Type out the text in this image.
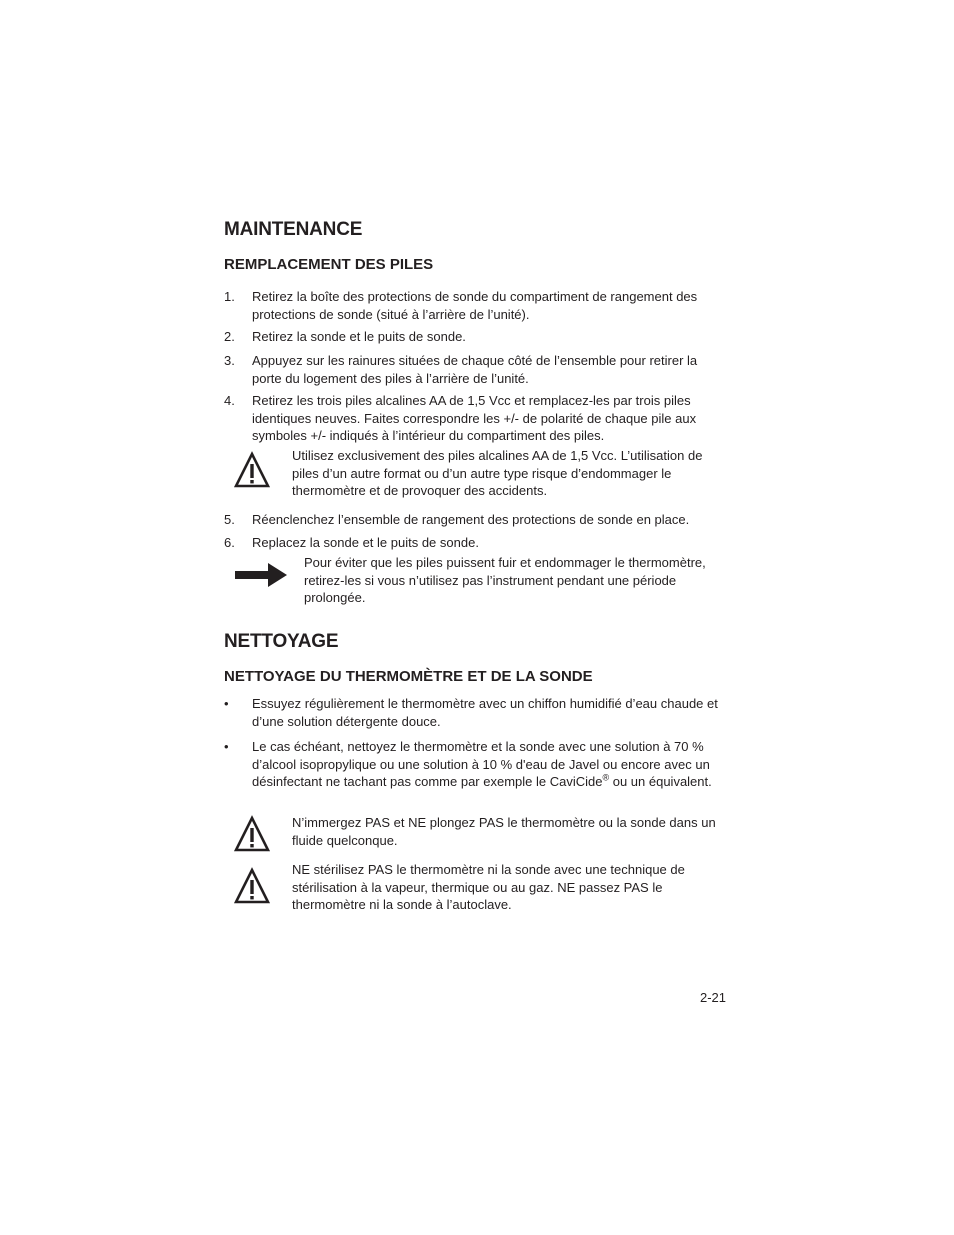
MAINTENANCE
REMPLACEMENT DES PILES
1. Retirez la boîte des protections de sonde du compartiment de rangement des protections de sonde (situé à l’arrière de l’unité).
2. Retirez la sonde et le puits de sonde.
3. Appuyez sur les rainures situées de chaque côté de l’ensemble pour retirer la porte du logement des piles à l’arrière de l’unité.
4. Retirez les trois piles alcalines AA de 1,5 Vcc et remplacez-les par trois piles identiques neuves. Faites correspondre les +/- de polarité de chaque pile aux symboles +/- indiqués à l’intérieur du compartiment des piles.
Utilisez exclusivement des piles alcalines AA de 1,5 Vcc. L’utilisation de piles d’un autre format ou d’un autre type risque d’endommager le thermomètre et de provoquer des accidents.
5. Réenclenchez l’ensemble de rangement des protections de sonde en place.
6. Replacez la sonde et le puits de sonde.
Pour éviter que les piles puissent fuir et endommager le thermomètre, retirez-les si vous n’utilisez pas l’instrument pendant une période prolongée.
NETTOYAGE
NETTOYAGE DU THERMOMÈTRE ET DE LA SONDE
• Essuyez régulièrement le thermomètre avec un chiffon humidifié d’eau chaude et d’une solution détergente douce.
• Le cas échéant, nettoyez le thermomètre et la sonde avec une solution à 70 % d’alcool isopropylique ou une solution à 10 % d'eau de Javel ou encore avec un désinfectant ne tachant pas comme par exemple le CaviCide® ou un équivalent.
N’immergez PAS et NE plongez PAS le thermomètre ou la sonde dans un fluide quelconque.
NE stérilisez PAS le thermomètre ni la sonde avec une technique de stérilisation à la vapeur, thermique ou au gaz. NE passez PAS le thermomètre ni la sonde à l’autoclave.
2-21
